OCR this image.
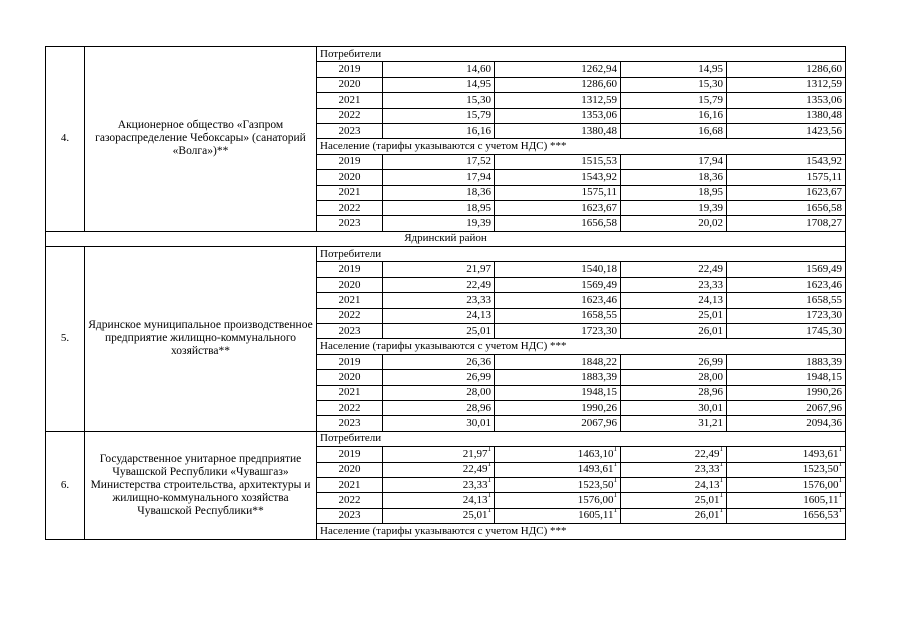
4.	Акционерное общество «Газпром газораспределение Чебоксары» (санаторий «Волга»)**	Потребители				
		2019	14,60	1262,94	14,95	1286,60
		2020	14,95	1286,60	15,30	1312,59
		2021	15,30	1312,59	15,79	1353,06
		2022	15,79	1353,06	16,16	1380,48
		2023	16,16	1380,48	16,68	1423,56
		Население (тарифы указываются с учетом НДС) ***				
		2019	17,52	1515,53	17,94	1543,92
		2020	17,94	1543,92	18,36	1575,11
		2021	18,36	1575,11	18,95	1623,67
		2022	18,95	1623,67	19,39	1656,58
		2023	19,39	1656,58	20,02	1708,27
Ядринский район						
5.	Ядринское муниципальное производственное предприятие жилищно-коммунального хозяйства**	Потребители				
		2019	21,97	1540,18	22,49	1569,49
		2020	22,49	1569,49	23,33	1623,46
		2021	23,33	1623,46	24,13	1658,55
		2022	24,13	1658,55	25,01	1723,30
		2023	25,01	1723,30	26,01	1745,30
		Население (тарифы указываются с учетом НДС) ***				
		2019	26,36	1848,22	26,99	1883,39
		2020	26,99	1883,39	28,00	1948,15
		2021	28,00	1948,15	28,96	1990,26
		2022	28,96	1990,26	30,01	2067,96
		2023	30,01	2067,96	31,21	2094,36
6.	Государственное унитарное предприятие Чувашской Республики «Чувашгаз» Министерства строительства, архитектуры и жилищно-коммунального хозяйства Чувашской Республики**	Потребители				
		2019	21,97$^1$	1463,10$^1$	22,49$^1$	1493,61$^1$
		2020	22,49$^1$	1493,61$^1$	23,33$^1$	1523,50$^1$
		2021	23,33$^1$	1523,50$^1$	24,13$^1$	1576,00$^1$
		2022	24,13$^1$	1576,00$^1$	25,01$^1$	1605,11$^1$
		2023	25,01$^1$	1605,11$^1$	26,01$^1$	1656,53$^1$
		Население (тарифы указываются с учетом НДС) ***				
